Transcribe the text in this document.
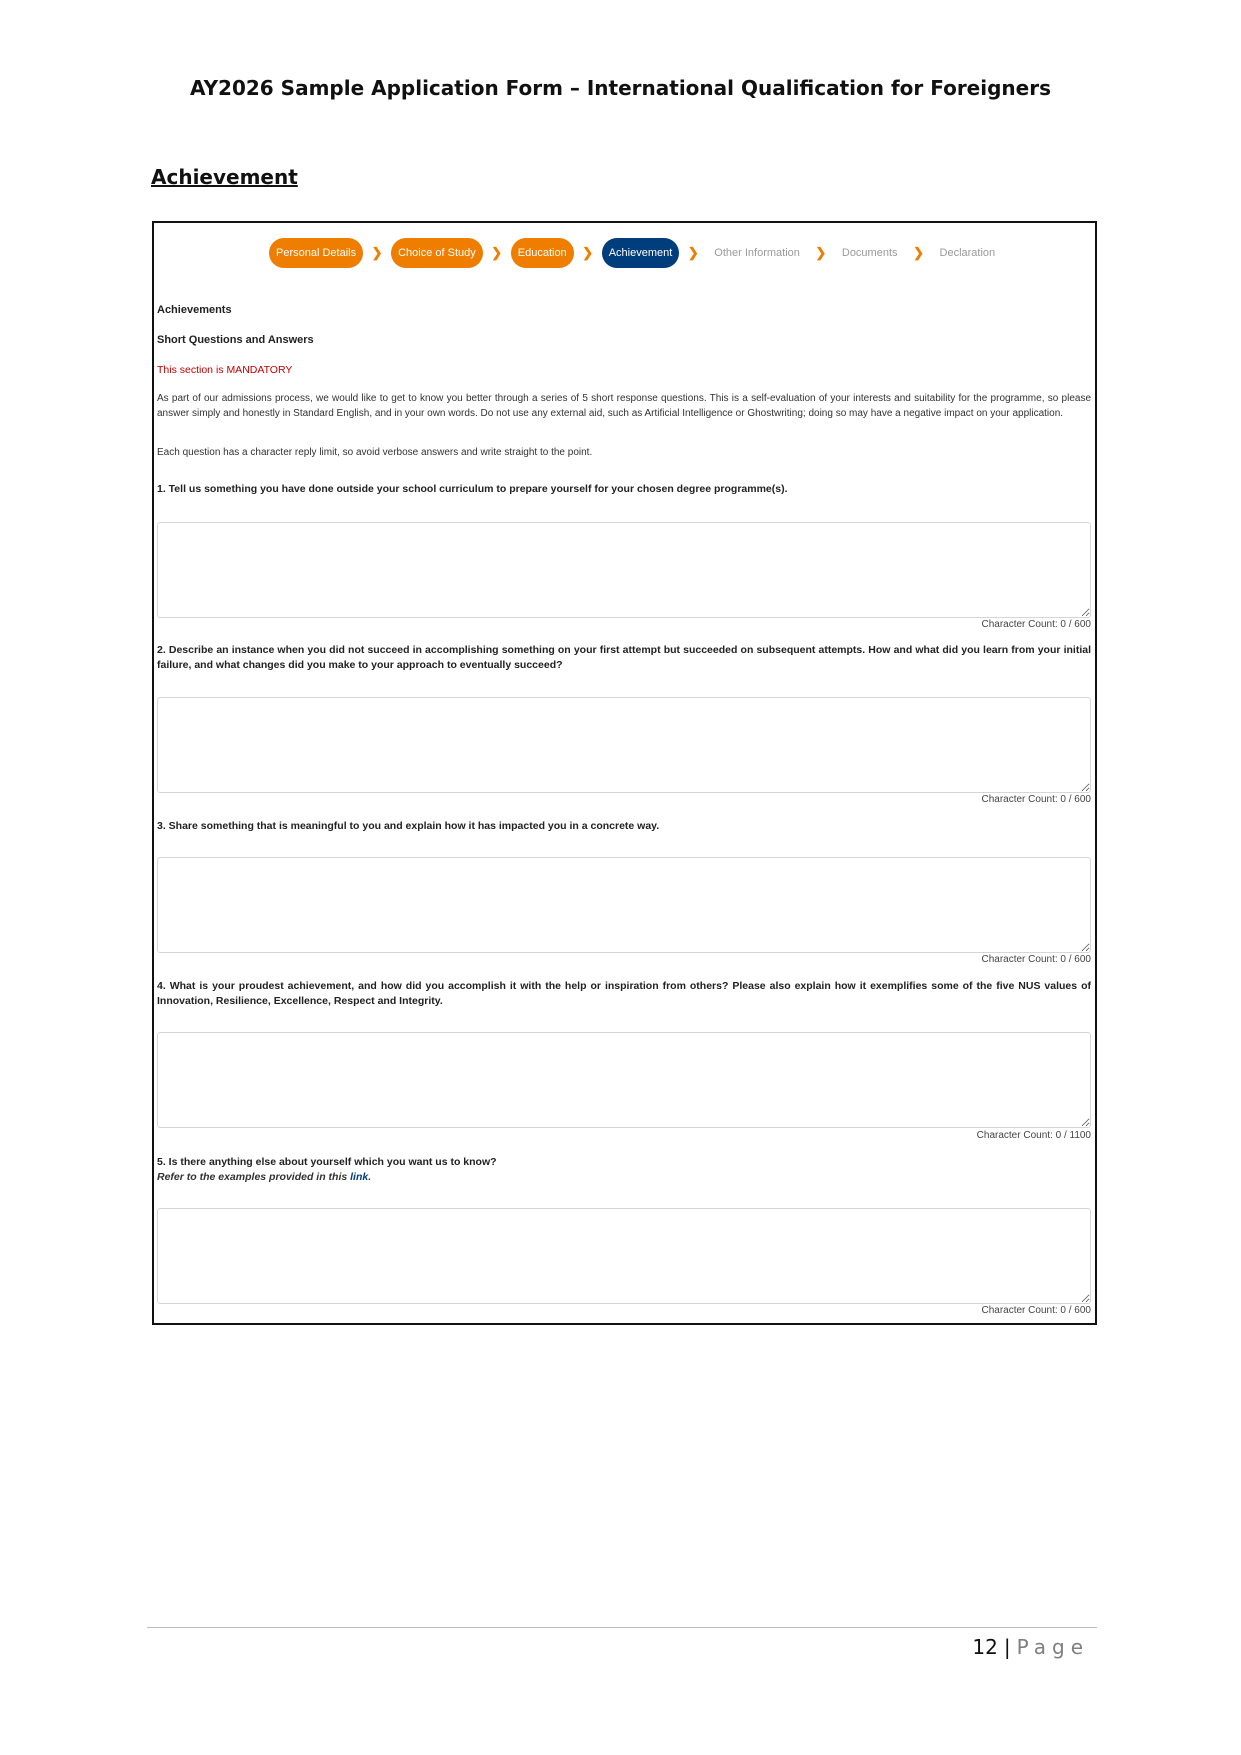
AY2026 Sample Application Form – International Qualification for Foreigners
Achievement
Personal Details	❯	Choice of Study	❯	Education	❯	Achievement	❯	Other Information	❯	Documents	❯	Declaration
Achievements
Short Questions and Answers
This section is MANDATORY
As part of our admissions process, we would like to get to know you better through a series of 5 short response questions. This is a self-evaluation of your interests and suitability for the programme, so please answer simply and honestly in Standard English, and in your own words. Do not use any external aid, such as Artificial Intelligence or Ghostwriting; doing so may have a negative impact on your application.
Each question has a character reply limit, so avoid verbose answers and write straight to the point.
1. Tell us something you have done outside your school curriculum to prepare yourself for your chosen degree programme(s).
Character Count: 0 / 600
2. Describe an instance when you did not succeed in accomplishing something on your first attempt but succeeded on subsequent attempts. How and what did you learn from your initial failure, and what changes did you make to your approach to eventually succeed?
Character Count: 0 / 600
3. Share something that is meaningful to you and explain how it has impacted you in a concrete way.
Character Count: 0 / 600
4. What is your proudest achievement, and how did you accomplish it with the help or inspiration from others? Please also explain how it exemplifies some of the five NUS values of Innovation, Resilience, Excellence, Respect and Integrity.
Character Count: 0 / 1100
5. Is there anything else about yourself which you want us to know?
Refer to the examples provided in this link.
Character Count: 0 / 600
12 | Page
